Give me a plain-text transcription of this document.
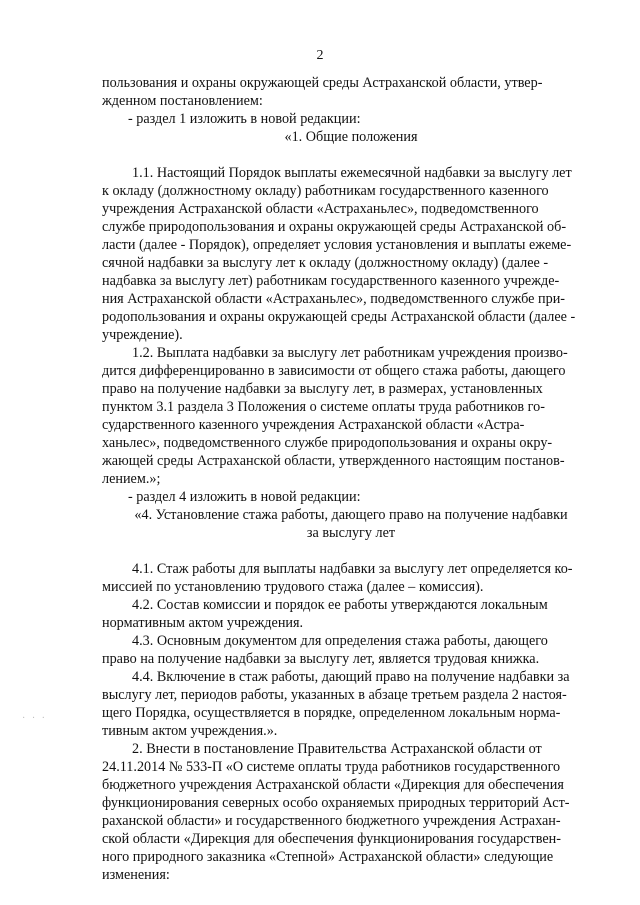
2
пользования и охраны окружающей среды Астраханской области, утвер-
жденном постановлением:
- раздел 1 изложить в новой редакции:
«1. Общие положения
1.1. Настоящий Порядок выплаты ежемесячной надбавки за выслугу лет
к окладу (должностному окладу) работникам государственного казенного
учреждения Астраханской области «Астраханьлес», подведомственного
службе природопользования и охраны окружающей среды Астраханской об-
ласти (далее - Порядок), определяет условия установления и выплаты ежеме-
сячной надбавки за выслугу лет к окладу (должностному окладу) (далее -
надбавка за выслугу лет) работникам государственного казенного учрежде-
ния Астраханской области «Астраханьлес», подведомственного службе при-
родопользования и охраны окружающей среды Астраханской области (далее -
учреждение).
1.2. Выплата надбавки за выслугу лет работникам учреждения произво-
дится дифференцированно в зависимости от общего стажа работы, дающего
право на получение надбавки за выслугу лет, в размерах, установленных
пунктом 3.1 раздела 3 Положения о системе оплаты труда работников го-
сударственного казенного учреждения Астраханской области «Астра-
ханьлес», подведомственного службе природопользования и охраны окру-
жающей среды Астраханской области, утвержденного настоящим постанов-
лением.»;
- раздел 4 изложить в новой редакции:
«4. Установление стажа работы, дающего право на получение надбавки
за выслугу лет
4.1. Стаж работы для выплаты надбавки за выслугу лет определяется ко-
миссией по установлению трудового стажа (далее – комиссия).
4.2. Состав комиссии и порядок ее работы утверждаются локальным
нормативным актом учреждения.
4.3. Основным документом для определения стажа работы, дающего
право на получение надбавки за выслугу лет, является трудовая книжка.
4.4. Включение в стаж работы, дающий право на получение надбавки за
выслугу лет, периодов работы, указанных в абзаце третьем раздела 2 настоя-
щего Порядка, осуществляется в порядке, определенном локальным норма-
тивным актом учреждения.».
2. Внести в постановление Правительства Астраханской области от
24.11.2014 № 533-П «О системе оплаты труда работников государственного
бюджетного учреждения Астраханской области «Дирекция для обеспечения
функционирования северных особо охраняемых природных территорий Аст-
раханской области» и государственного бюджетного учреждения Астрахан-
ской области «Дирекция для обеспечения функционирования государствен-
ного природного заказника «Степной» Астраханской области» следующие
изменения:
· · ·
